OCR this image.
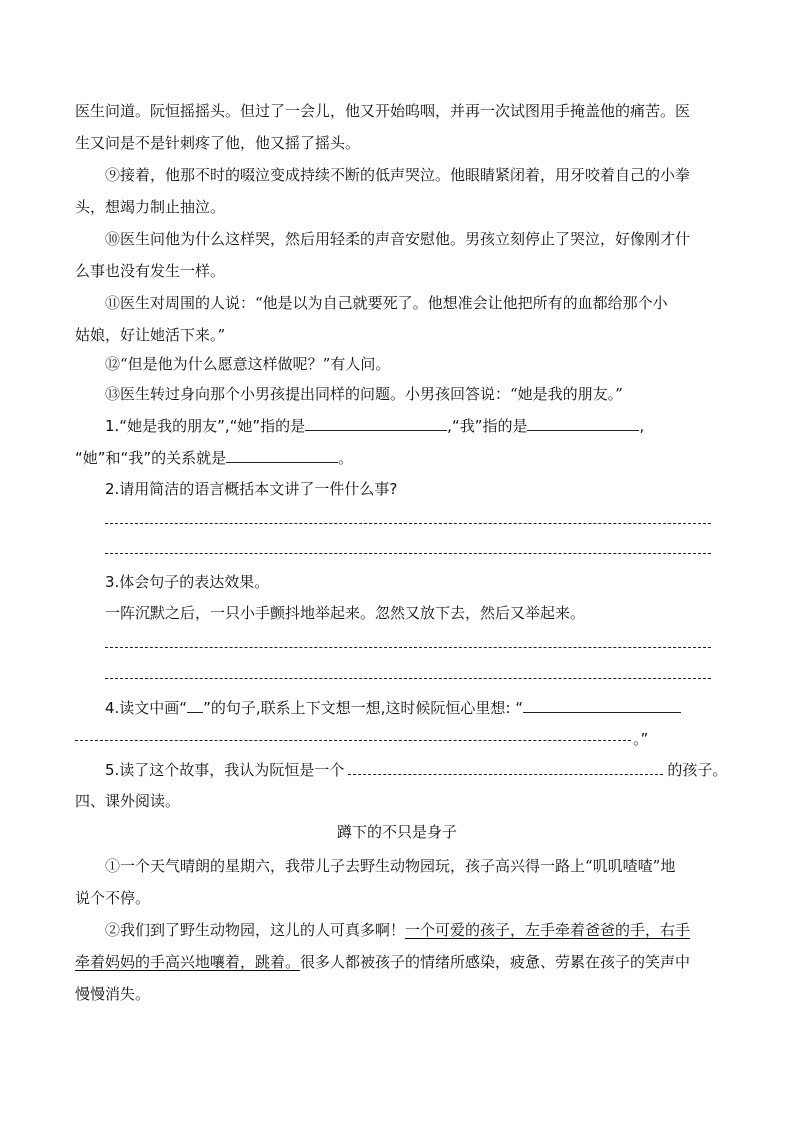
医生问道。阮恒摇摇头。但过了一会儿，他又开始呜咽，并再一次试图用手掩盖他的痛苦。医
生又问是不是针刺疼了他，他又摇了摇头。
⑨接着，他那不时的啜泣变成持续不断的低声哭泣。他眼睛紧闭着，用牙咬着自己的小拳
头，想竭力制止抽泣。
⑩医生问他为什么这样哭，然后用轻柔的声音安慰他。男孩立刻停止了哭泣，好像刚才什
么事也没有发生一样。
⑪医生对周围的人说：“他是以为自己就要死了。他想准会让他把所有的血都给那个小
姑娘，好让她活下来。”
⑫“但是他为什么愿意这样做呢？”有人问。
⑬医生转过身向那个小男孩提出同样的问题。小男孩回答说：“她是我的朋友。”
1.“她是我的朋友”,“她”指的是	,“我”指的是	,
“她”和“我”的关系就是	。
2.请用简洁的语言概括本文讲了一件什么事?
3.体会句子的表达效果。
一阵沉默之后，一只小手颤抖地举起来。忽然又放下去，然后又举起来。
4.读文中画“ ”的句子,联系上下文想一想,这时候阮恒心里想: “
。”
5.读了这个故事，我认为阮恒是一个	的孩子。
四、课外阅读。
蹲下的不只是身子
①一个天气晴朗的星期六，我带儿子去野生动物园玩，孩子高兴得一路上“叽叽喳喳”地
说个不停。
②我们到了野生动物园，这儿的人可真多啊！一个可爱的孩子，左手牵着爸爸的手，右手
牵着妈妈的手高兴地嚷着，跳着。很多人都被孩子的情绪所感染，疲惫、劳累在孩子的笑声中
慢慢消失。
